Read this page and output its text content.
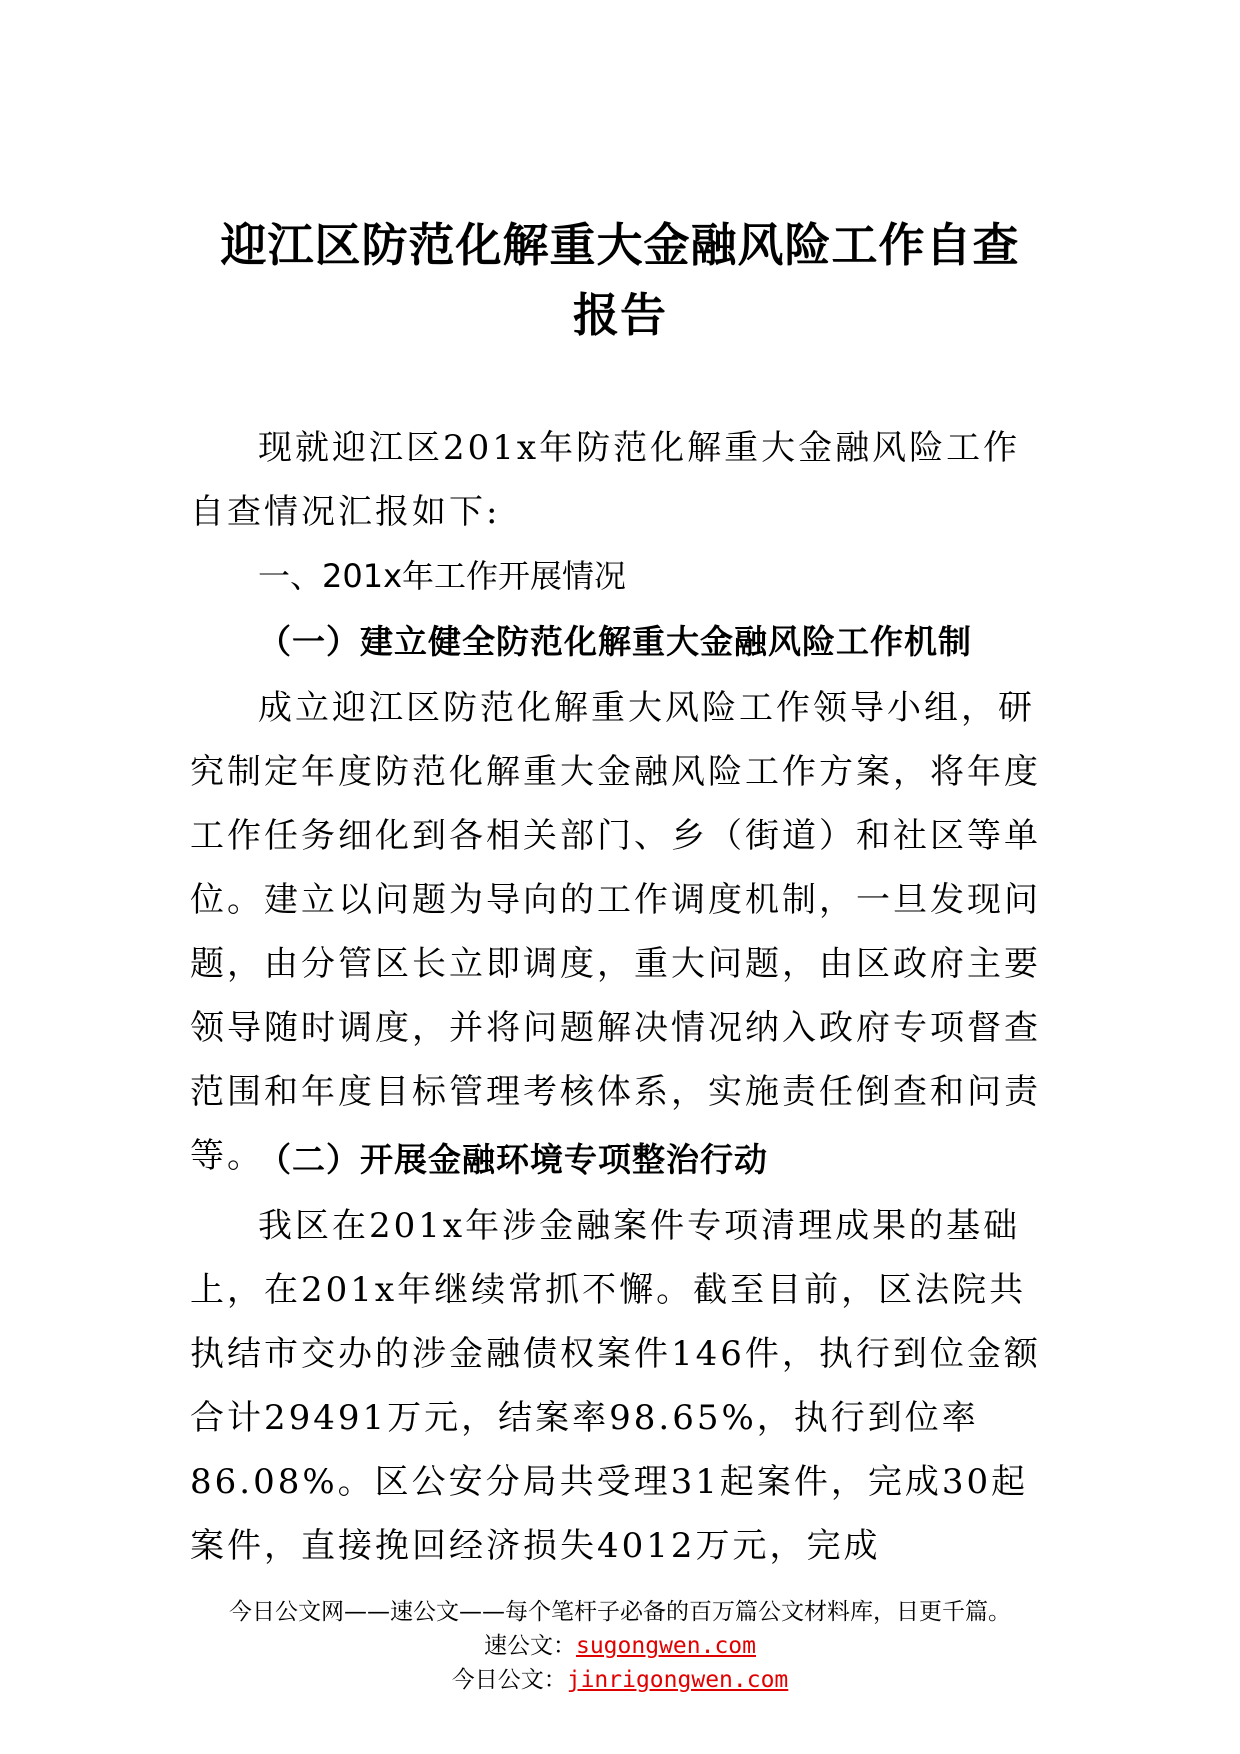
迎江区防范化解重大金融风险工作自查
报告
现就迎江区201x年防范化解重大金融风险工作自查情况汇报如下:
一、201x年工作开展情况
（一）建立健全防范化解重大金融风险工作机制
成立迎江区防范化解重大风险工作领导小组，研究制定年度防范化解重大金融风险工作方案，将年度工作任务细化到各相关部门、乡（街道）和社区等单位。建立以问题为导向的工作调度机制，一旦发现问题，由分管区长立即调度，重大问题，由区政府主要领导随时调度，并将问题解决情况纳入政府专项督查范围和年度目标管理考核体系，实施责任倒查和问责等。
（二）开展金融环境专项整治行动
我区在201x年涉金融案件专项清理成果的基础上，在201x年继续常抓不懈。截至目前，区法院共执结市交办的涉金融债权案件146件，执行到位金额合计29491万元，结案率98.65%，执行到位率86.08%。区公安分局共受理31起案件，完成30起案件，直接挽回经济损失4012万元，完成
今日公文网——速公文——每个笔杆子必备的百万篇公文材料库，日更千篇。
速公文：sugongwen.com
今日公文：jinrigongwen.com
